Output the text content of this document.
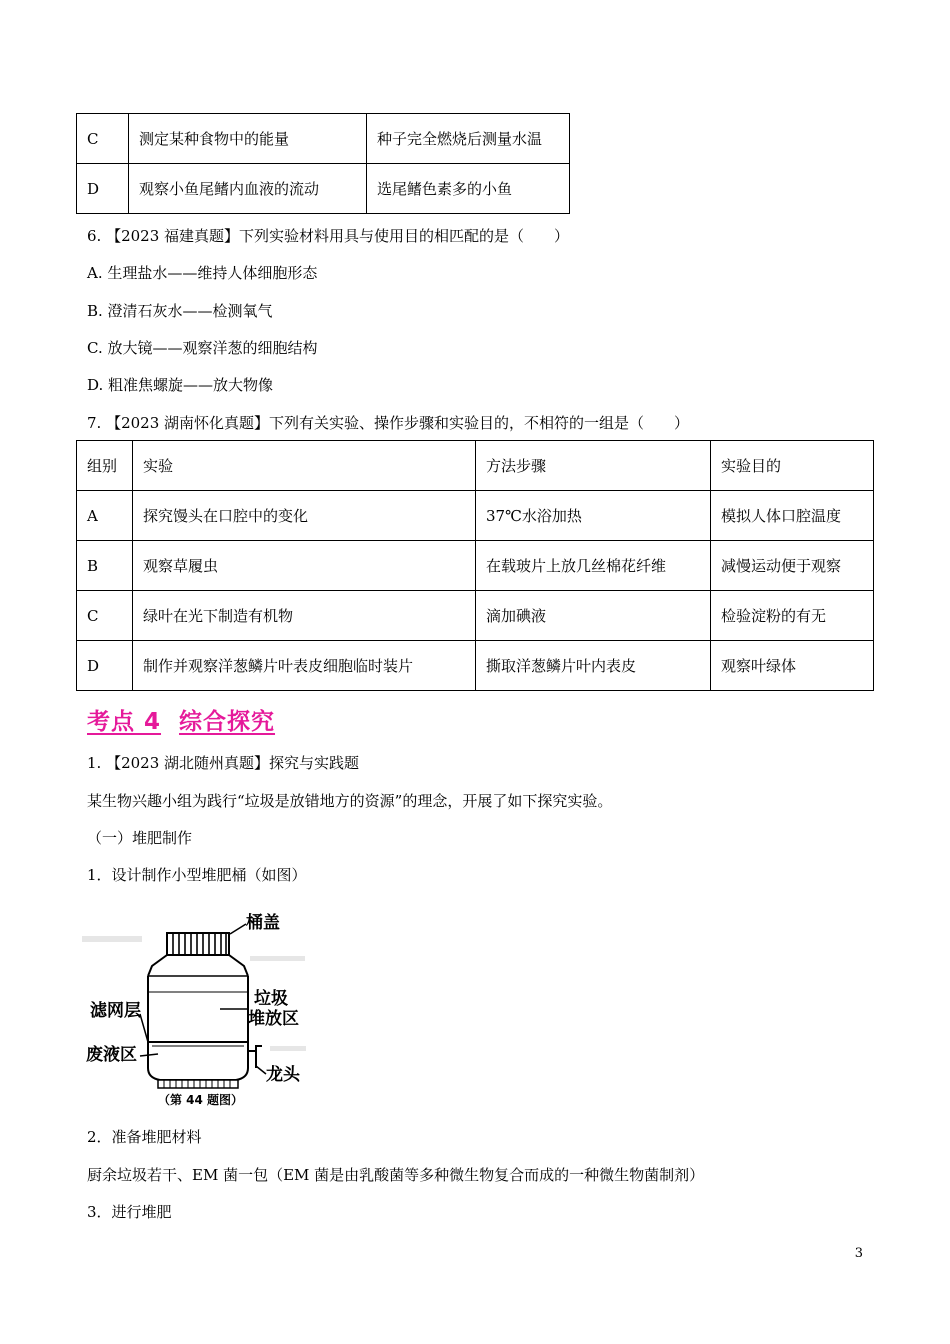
C	测定某种食物中的能量	种子完全燃烧后测量水温
D	观察小鱼尾鳍内血液的流动	选尾鳍色素多的小鱼
6. 【2023 福建真题】下列实验材料用具与使用目的相匹配的是（　　）
A. 生理盐水——维持人体细胞形态
B. 澄清石灰水——检测氧气
C. 放大镜——观察洋葱的细胞结构
D. 粗准焦螺旋——放大物像
7. 【2023 湖南怀化真题】下列有关实验、操作步骤和实验目的，不相符的一组是（　　）
组别	实验	方法步骤	实验目的
A	探究馒头在口腔中的变化	37℃水浴加热	模拟人体口腔温度
B	观察草履虫	在载玻片上放几丝棉花纤维	减慢运动便于观察
C	绿叶在光下制造有机物	滴加碘液	检验淀粉的有无
D	制作并观察洋葱鳞片叶表皮细胞临时装片	撕取洋葱鳞片叶内表皮	观察叶绿体
考点 4 综合探究
1. 【2023 湖北随州真题】探究与实践题
某生物兴趣小组为践行“垃圾是放错地方的资源”的理念，开展了如下探究实验。
（一）堆肥制作
1．设计制作小型堆肥桶（如图）
桶盖
垃圾
堆放区
滤网层
废液区
龙头
（第 44 题图）
2．准备堆肥材料
厨余垃圾若干、EM 菌一包（EM 菌是由乳酸菌等多种微生物复合而成的一种微生物菌制剂）
3．进行堆肥
3
